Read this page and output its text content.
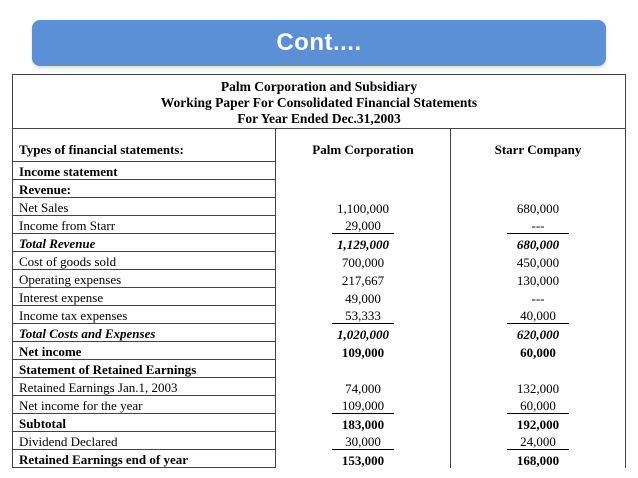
Cont....
Palm Corporation and Subsidiary
Working Paper For Consolidated Financial Statements
For Year Ended Dec.31,2003
Types of financial statements:	Palm Corporation	Starr Company
Income statement		
Revenue:		
Net Sales	1,100,000	680,000
Income from Starr	29,000	---
Total Revenue	1,129,000	680,000
Cost of goods sold	700,000	450,000
Operating expenses	217,667	130,000
Interest expense	49,000	---
Income tax expenses	53,333	40,000
Total Costs and Expenses	1,020,000	620,000
Net income	109,000	60,000
Statement of Retained Earnings		
Retained Earnings Jan.1, 2003	74,000	132,000
Net income for the year	109,000	60,000
Subtotal	183,000	192,000
Dividend Declared	30,000	24,000
Retained Earnings end of year	153,000	168,000
